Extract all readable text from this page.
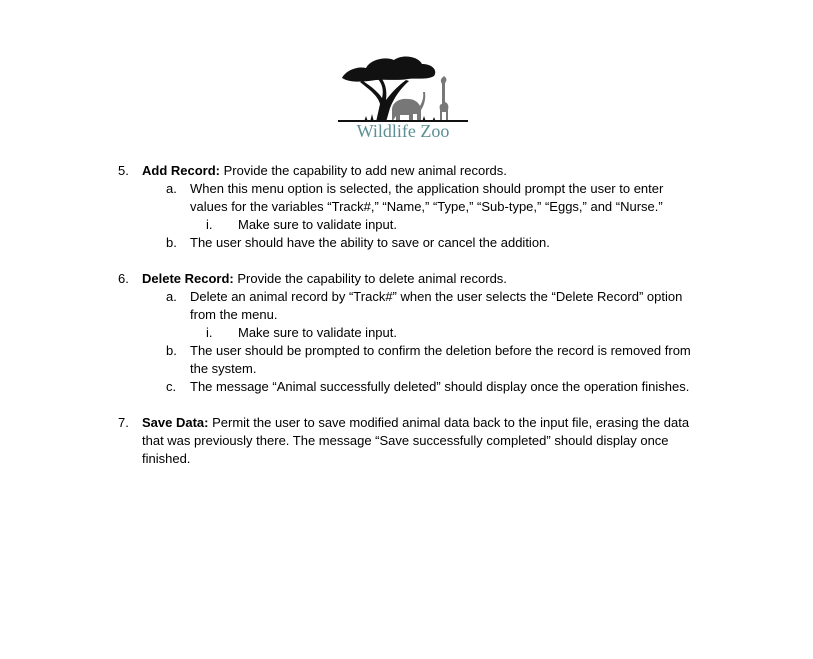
Wildlife Zoo
5. Add Record: Provide the capability to add new animal records.
a. When this menu option is selected, the application should prompt the user to enter
values for the variables “Track#,” “Name,” “Type,” “Sub-type,” “Eggs,” and “Nurse.”
i. Make sure to validate input.
b. The user should have the ability to save or cancel the addition.
6. Delete Record: Provide the capability to delete animal records.
a. Delete an animal record by “Track#” when the user selects the “Delete Record” option
from the menu.
i. Make sure to validate input.
b. The user should be prompted to confirm the deletion before the record is removed from
the system.
c. The message “Animal successfully deleted” should display once the operation finishes.
7. Save Data: Permit the user to save modified animal data back to the input file, erasing the data
that was previously there. The message “Save successfully completed” should display once
finished.
